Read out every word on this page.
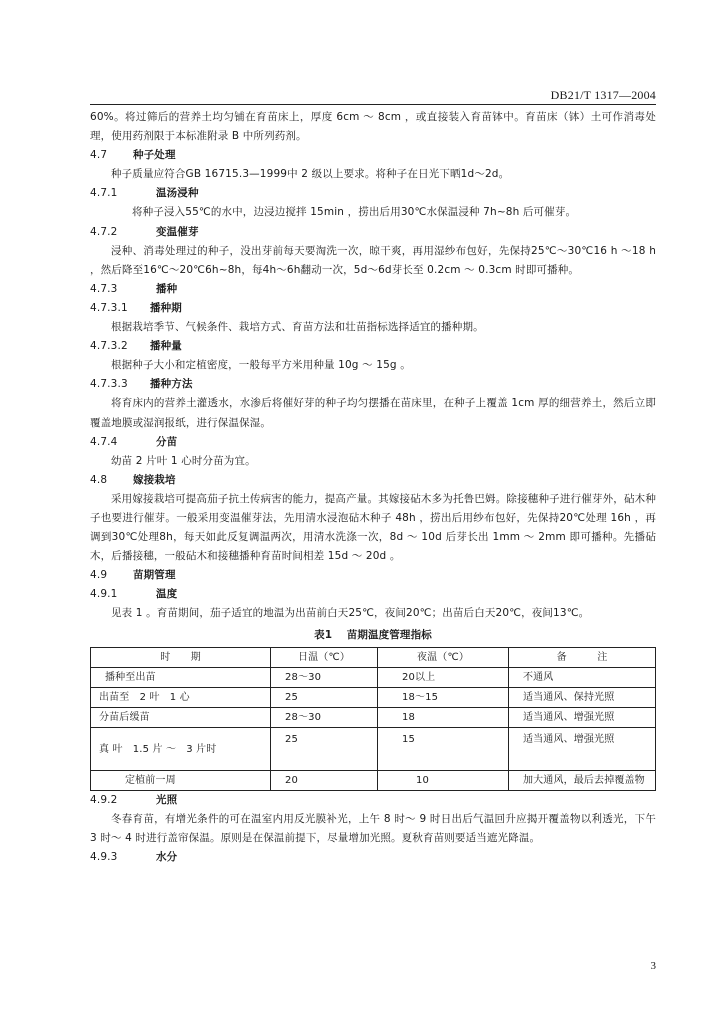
DB21/T 1317—2004

60%。将过筛后的营养土均匀铺在育苗床上，厚度 6cm ～ 8cm ，或直接装入育苗钵中。育苗床（钵）土可作消毒处理，使用药剂限于本标准附录 B 中所列药剂。

4.7 种子处理

种子质量应符合GB 16715.3—1999中 2 级以上要求。将种子在日光下晒1d～2d。

4.7.1	温汤浸种

将种子浸入55℃的水中，边浸边搅拌 15min ，捞出后用30℃水保温浸种 7h~8h 后可催芽。

4.7.2	变温催芽

浸种、消毒处理过的种子，没出芽前每天要淘洗一次，晾干爽，再用湿纱布包好，先保持25℃～30℃16 h ～18 h ，然后降至16℃～20℃6h~8h，每4h～6h翻动一次，5d～6d芽长至 0.2cm ～ 0.3cm 时即可播种。

4.7.3	播种

4.7.3.1 播种期

根据栽培季节、气候条件、栽培方式、育苗方法和壮苗指标选择适宜的播种期。

4.7.3.2 播种量

根据种子大小和定植密度，一般每平方米用种量 10g ～ 15g 。

4.7.3.3 播种方法

将育床内的营养土灌透水，水渗后将催好芽的种子均匀摆播在苗床里，在种子上覆盖 1cm 厚的细营养土，然后立即覆盖地膜或湿润报纸，进行保温保湿。

4.7.4	分苗

幼苗 2 片叶 1 心时分苗为宜。

4.8 嫁接栽培

采用嫁接栽培可提高茄子抗土传病害的能力，提高产量。其嫁接砧木多为托鲁巴姆。除接穗种子进行催芽外，砧木种子也要进行催芽。一般采用变温催芽法，先用清水浸泡砧木种子 48h ，捞出后用纱布包好，先保持20℃处理 16h ，再调到30℃处理8h，每天如此反复调温两次，用清水洗涤一次，8d ～ 10d 后芽长出 1mm ～ 2mm 即可播种。先播砧木，后播接穗，一般砧木和接穗播种育苗时间相差 15d ～ 20d 。

4.9 苗期管理

4.9.1	温度

见表 1 。育苗期间，茄子适宜的地温为出苗前白天25℃，夜间20℃；出苗后白天20℃，夜间13℃。

表1　 苗期温度管理指标

时　　期	日温（℃）	夜温（℃）	备　　　注
播种至出苗	28～30	20以上	不通风
出苗至　2 叶　1 心	25	18～15	适当通风、保持光照
分苗后缓苗	28～30	18	适当通风、增强光照
真 叶　1.5 片 ～　3 片时	25	15	适当通风、增强光照
定植前一周	20	10	加大通风，最后去掉覆盖物

4.9.2	光照

冬春育苗，有增光条件的可在温室内用反光膜补光，上午 8 时～ 9 时日出后气温回升应揭开覆盖物以利透光，下午 3 时～ 4 时进行盖帘保温。原则是在保温前提下，尽量增加光照。夏秋育苗则要适当遮光降温。

4.9.3	水分

3
